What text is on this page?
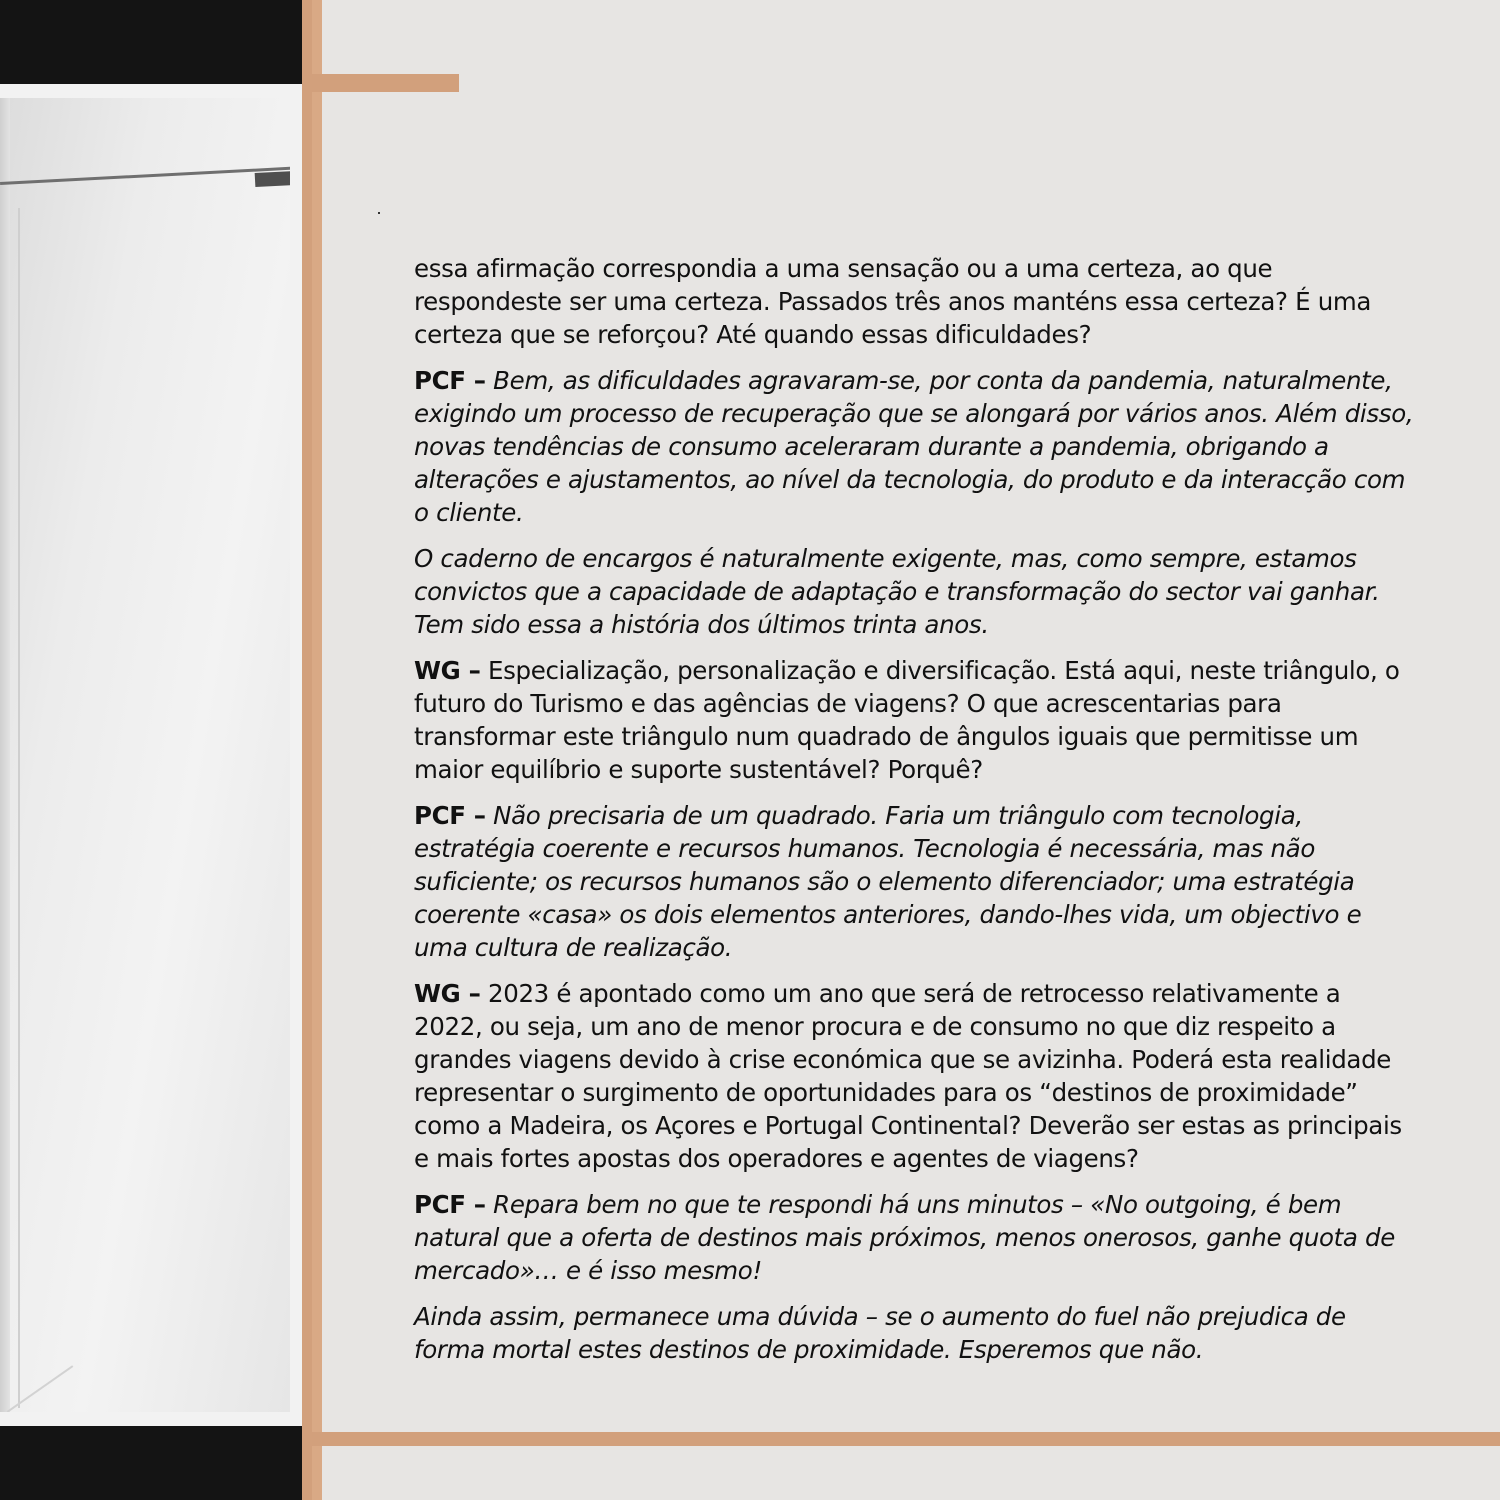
essa afirmação correspondia a uma sensação ou a uma certeza, ao que respondeste ser uma certeza. Passados três anos manténs essa certeza? É uma certeza que se reforçou? Até quando essas dificuldades?

PCF – Bem, as dificuldades agravaram-se, por conta da pandemia, naturalmente, exigindo um processo de recuperação que se alongará por vários anos. Além disso, novas tendências de consumo aceleraram durante a pandemia, obrigando a alterações e ajustamentos, ao nível da tecnologia, do produto e da interacção com o cliente.

O caderno de encargos é naturalmente exigente, mas, como sempre, estamos convictos que a capacidade de adaptação e transformação do sector vai ganhar. Tem sido essa a história dos últimos trinta anos.

WG – Especialização, personalização e diversificação. Está aqui, neste triângulo, o futuro do Turismo e das agências de viagens? O que acrescentarias para transformar este triângulo num quadrado de ângulos iguais que permitisse um maior equilíbrio e suporte sustentável? Porquê?

PCF – Não precisaria de um quadrado. Faria um triângulo com tecnologia, estratégia coerente e recursos humanos. Tecnologia é necessária, mas não suficiente; os recursos humanos são o elemento diferenciador; uma estratégia coerente «casa» os dois elementos anteriores, dando-lhes vida, um objectivo e uma cultura de realização.

WG – 2023 é apontado como um ano que será de retrocesso relativamente a 2022, ou seja, um ano de menor procura e de consumo no que diz respeito a grandes viagens devido à crise económica que se avizinha. Poderá esta realidade representar o surgimento de oportunidades para os “destinos de proximidade” como a Madeira, os Açores e Portugal Continental? Deverão ser estas as principais e mais fortes apostas dos operadores e agentes de viagens?

PCF – Repara bem no que te respondi há uns minutos – «No outgoing, é bem natural que a oferta de destinos mais próximos, menos onerosos, ganhe quota de mercado»… e é isso mesmo!

Ainda assim, permanece uma dúvida – se o aumento do fuel não prejudica de forma mortal estes destinos de proximidade. Esperemos que não.
